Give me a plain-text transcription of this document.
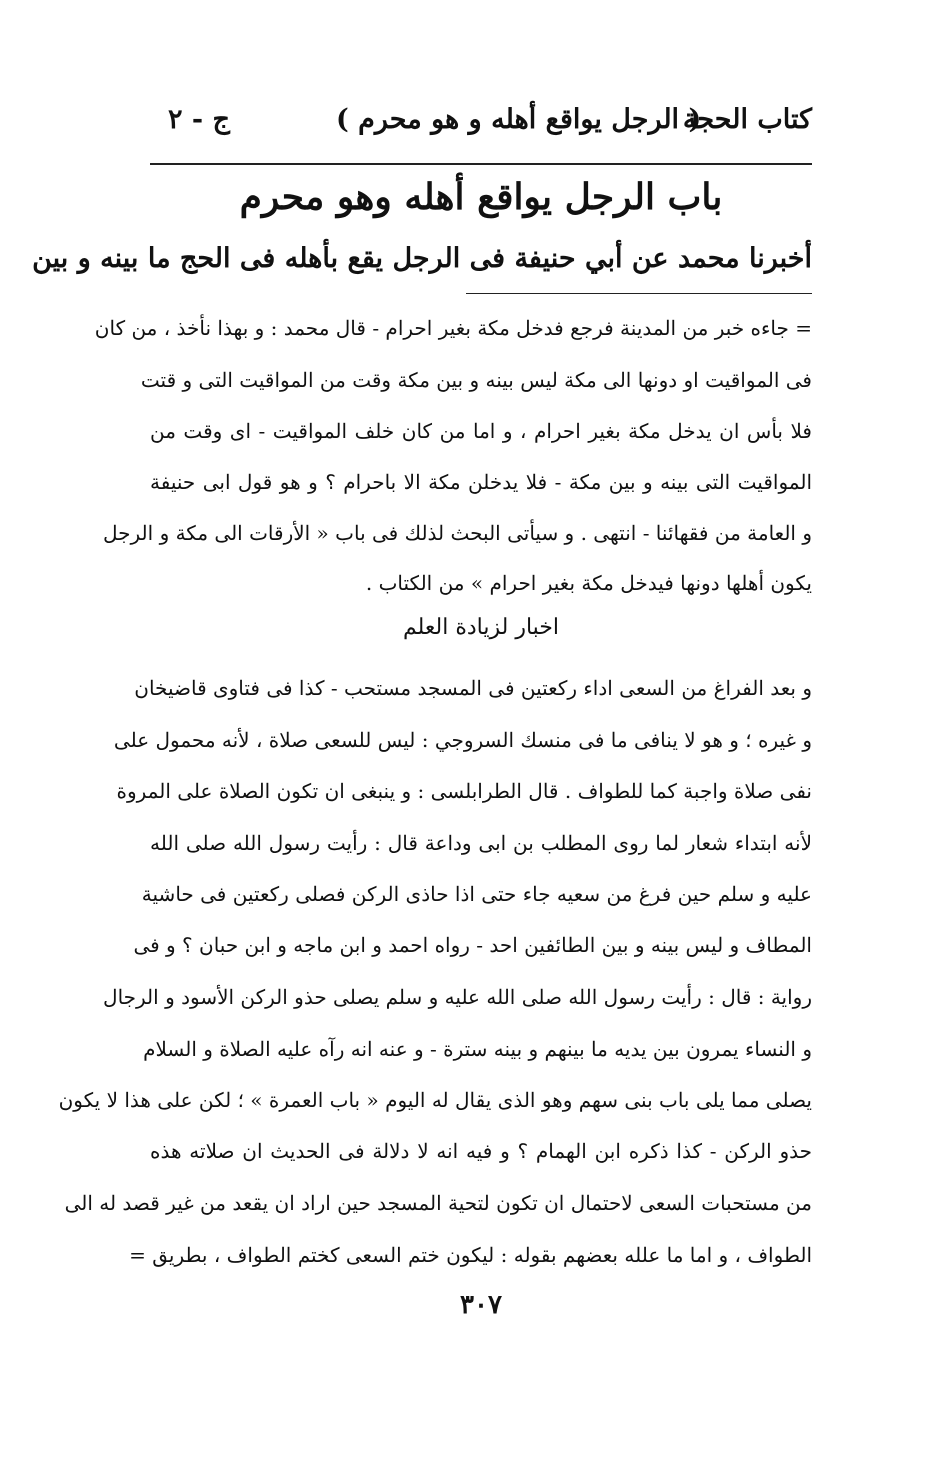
كتاب الحجة
( الرجل يواقع أهله و هو محرم )
ج - ٢
باب الرجل يواقع أهله وهو محرم
أخبرنا محمد عن أبي حنيفة فى الرجل يقع بأهله فى الحج ما بينه و بين
= جاءه خبر من المدينة فرجع فدخل مكة بغير احرام - قال محمد : و بهذا نأخذ ، من كان
فى المواقيت او دونها الى مكة ليس بينه و بين مكة وقت من المواقيت التى و قتت
فلا بأس ان يدخل مكة بغير احرام ، و اما من كان خلف المواقيت - اى وقت من
المواقيت التى بينه و بين مكة - فلا يدخلن مكة الا باحرام ؟ و هو قول ابى حنيفة
و العامة من فقهائنا - انتهى . و سيأتى البحث لذلك فى باب « الأرقات الى مكة و الرجل
يكون أهلها دونها فيدخل مكة بغير احرام » من الكتاب .
اخبار لزيادة العلم
و بعد الفراغ من السعى اداء ركعتين فى المسجد مستحب - كذا فى فتاوى قاضيخان
و غيره ؛ و هو لا ينافى ما فى منسك السروجي : ليس للسعى صلاة ، لأنه محمول على
نفى صلاة واجبة كما للطواف . قال الطرابلسى : و ينبغى ان تكون الصلاة على المروة
لأنه ابتداء شعار لما روى المطلب بن ابى وداعة قال : رأيت رسول الله صلى الله
عليه و سلم حين فرغ من سعيه جاء حتى اذا حاذى الركن فصلى ركعتين فى حاشية
المطاف و ليس بينه و بين الطائفين احد - رواه احمد و ابن ماجه و ابن حبان ؟ و فى
رواية : قال : رأيت رسول الله صلى الله عليه و سلم يصلى حذو الركن الأسود و الرجال
و النساء يمرون بين يديه ما بينهم و بينه سترة - و عنه انه رآه عليه الصلاة و السلام
يصلى مما يلى باب بنى سهم وهو الذى يقال له اليوم « باب العمرة » ؛ لكن على هذا لا يكون
حذو الركن - كذا ذكره ابن الهمام ؟ و فيه انه لا دلالة فى الحديث ان صلاته هذه
من مستحبات السعى لاحتمال ان تكون لتحية المسجد حين اراد ان يقعد من غير قصد له الى
الطواف ، و اما ما علله بعضهم بقوله : ليكون ختم السعى كختم الطواف ، بطريق =
٣٠٧
